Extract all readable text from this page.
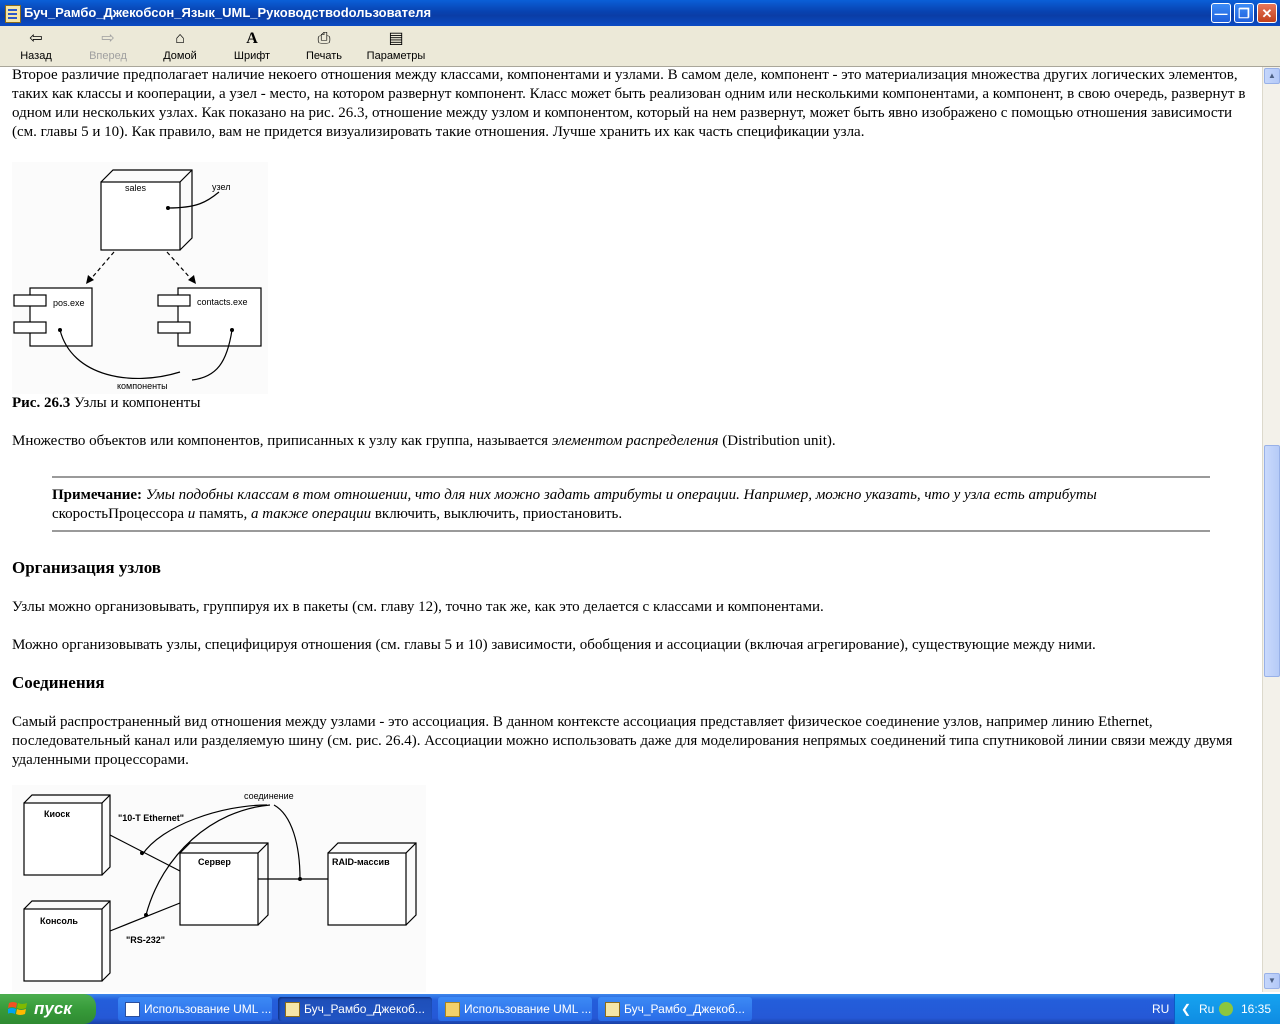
Буч_Рамбо_Джекобсон_Язык_UML_Руководствоdользователя	— ❐ ✕
⇦
Назад
⇨
Вперед
⌂
Домой
A
Шрифт
⎙
Печать
▤
Параметры

Второе различие предполагает наличие некоего отношения между классами, компонентами и узлами. В самом деле, компонент - это материализация множества других логических элементов, таких как классы и кооперации, а узел - место, на котором развернут компонент. Класс может быть реализован одним или несколькими компонентами, а компонент, в свою очередь, развернут в одном или нескольких узлах. Как показано на рис. 26.3, отношение между узлом и компонентом, который на нем развернут, может быть явно изображено с помощью отношения зависимости (см. главы 5 и 10). Как правило, вам не придется визуализировать такие отношения. Лучше хранить их как часть спецификации узла.

sales	узел
pos.exe	contacts.exe
компоненты

Рис. 26.3 Узлы и компоненты

Множество объектов или компонентов, приписанных к узлу как группа, называется элементом распределения (Distribution unit).

Примечание: Умы подобны классам в том отношении, что для них можно задать атрибуты и операции. Например, можно указать, что у узла есть атрибуты скоростьПроцессора и память, а также операции включить, выключить, приостановить.

Организация узлов

Узлы можно организовывать, группируя их в пакеты (см. главу 12), точно так же, как это делается с классами и компонентами.

Можно организовывать узлы, специфицируя отношения (см. главы 5 и 10) зависимости, обобщения и ассоциации (включая агрегирование), существующие между ними.

Соединения

Самый распространенный вид отношения между узлами - это ассоциация. В данном контексте ассоциация представляет физическое соединение узлов, например линию Ethernet, последовательный канал или разделяемую шину (см. рис. 26.4). Ассоциации можно использовать даже для моделирования непрямых соединений типа спутниковой линии связи между двумя удаленными процессорами.

Киоск
Консоль
Сервер	RAID-массив
"10-T Ethernet"
"RS-232"
соединение
▲
▼
пуск	Использование UML ...	Буч_Рамбо_Джекоб...	Использование UML ...	Буч_Рамбо_Джекоб...	RU ❮ Ru 16:35
